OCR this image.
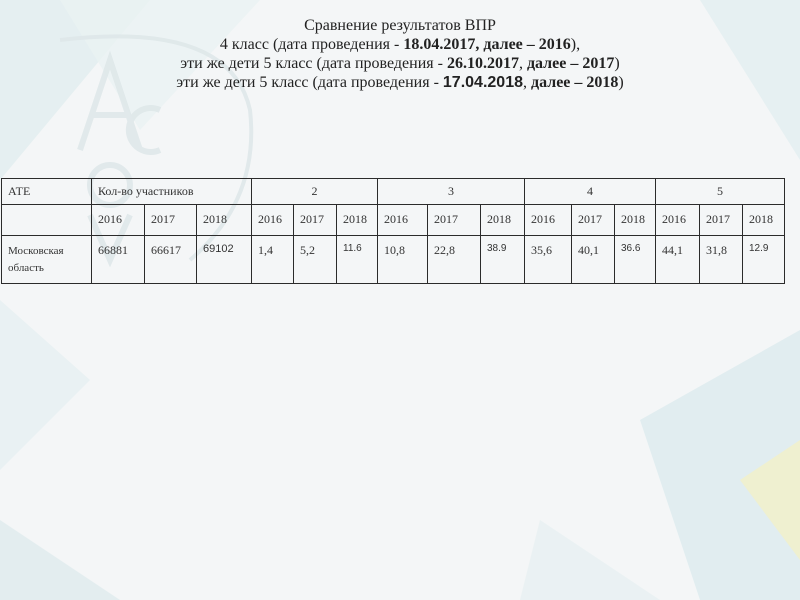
Сравнение результатов ВПР
4 класс (дата проведения - 18.04.2017, далее – 2016),
эти же дети 5 класс (дата проведения - 26.10.2017, далее – 2017)
эти же дети 5 класс (дата проведения - 17.04.2018, далее – 2018)
АТЕ	Кол-во участников			2			3			4			5		
	2016	2017	2018	2016	2017	2018	2016	2017	2018	2016	2017	2018	2016	2017	2018
Московская область	66881	66617	69102	1,4	5,2	11.6	10,8	22,8	38.9	35,6	40,1	36.6	44,1	31,8	12.9
